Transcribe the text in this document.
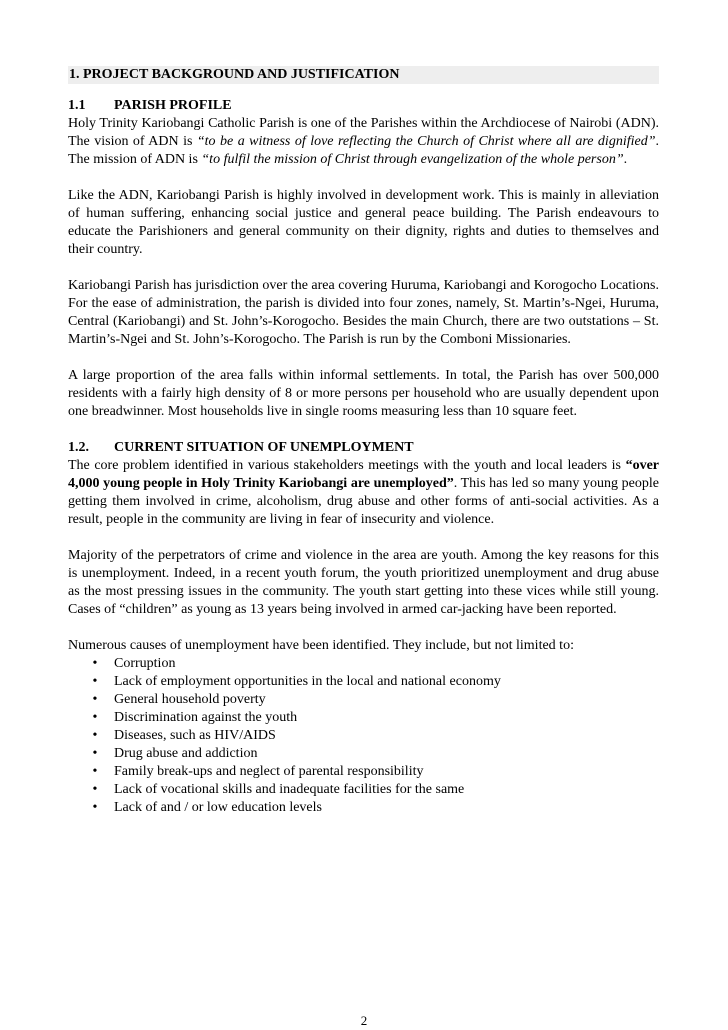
1. PROJECT BACKGROUND AND JUSTIFICATION
1.1 PARISH PROFILE

Holy Trinity Kariobangi Catholic Parish is one of the Parishes within the Archdiocese of Nairobi (ADN). The vision of ADN is “to be a witness of love reflecting the Church of Christ where all are dignified”. The mission of ADN is “to fulfil the mission of Christ through evangelization of the whole person”.

Like the ADN, Kariobangi Parish is highly involved in development work. This is mainly in alleviation of human suffering, enhancing social justice and general peace building. The Parish endeavours to educate the Parishioners and general community on their dignity, rights and duties to themselves and their country.

Kariobangi Parish has jurisdiction over the area covering Huruma, Kariobangi and Korogocho Locations. For the ease of administration, the parish is divided into four zones, namely, St. Martin’s-Ngei, Huruma, Central (Kariobangi) and St. John’s-Korogocho. Besides the main Church, there are two outstations – St. Martin’s-Ngei and St. John’s-Korogocho. The Parish is run by the Comboni Missionaries.

A large proportion of the area falls within informal settlements. In total, the Parish has over 500,000 residents with a fairly high density of 8 or more persons per household who are usually dependent upon one breadwinner. Most households live in single rooms measuring less than 10 square feet.

1.2. CURRENT SITUATION OF UNEMPLOYMENT

The core problem identified in various stakeholders meetings with the youth and local leaders is “over 4,000 young people in Holy Trinity Kariobangi are unemployed”. This has led so many young people getting them involved in crime, alcoholism, drug abuse and other forms of anti-social activities. As a result, people in the community are living in fear of insecurity and violence.

Majority of the perpetrators of crime and violence in the area are youth. Among the key reasons for this is unemployment. Indeed, in a recent youth forum, the youth prioritized unemployment and drug abuse as the most pressing issues in the community. The youth start getting into these vices while still young. Cases of “children” as young as 13 years being involved in armed car-jacking have been reported.

Numerous causes of unemployment have been identified. They include, but not limited to:

•	Corruption
•	Lack of employment opportunities in the local and national economy
•	General household poverty
•	Discrimination against the youth
•	Diseases, such as HIV/AIDS
•	Drug abuse and addiction
•	Family break-ups and neglect of parental responsibility
•	Lack of vocational skills and inadequate facilities for the same
•	Lack of and / or low education levels
2
